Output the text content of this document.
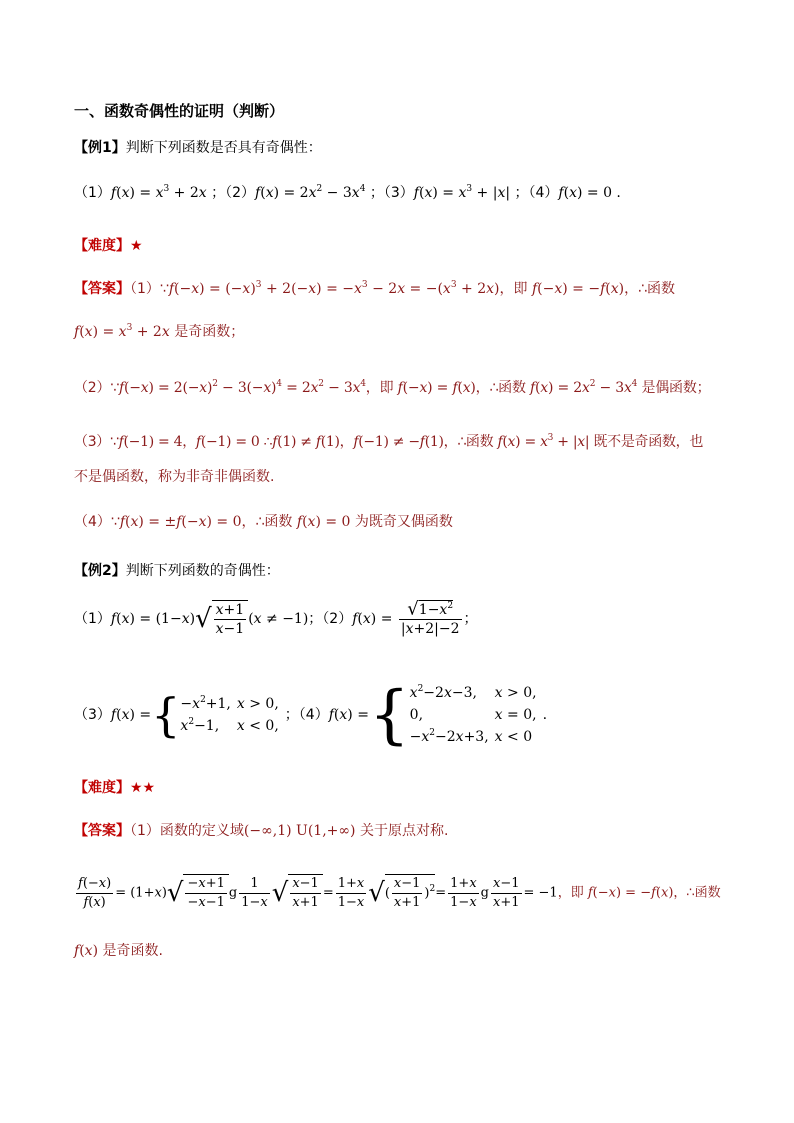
一、函数奇偶性的证明（判断）
【例1】判断下列函数是否具有奇偶性：
$(1)f(x) = x^3 + 2x$ ；$(2)f(x) = 2x^2 - 3x^4$ ；$(3)f(x) = x^3 + |x|$ ；（4）f(x) = 0 .
【难度】★
【答案】（1）∵f(−x) = $(-x)^3 + 2(-x) = -x^3 - 2x = -(x^3 + 2x)$，即 f(−x) = −f(x)，∴函数
$f(x) = x^3 + 2x$ 是奇函数；
（2）∵f(−x) = $2(-x)^2 - 3(-x)^4 = 2x^2 - 3x^4$，即 f(−x) = f(x)，∴函数 $f(x) = 2x^2 - 3x^4$ 是偶函数；
（3）∵f(−1) = 4，f(−1) = 0 ∴f(1) ≠ f(1)，f(−1) ≠ −f(1)，∴函数 $f(x) = x^3 + |x|$ 既不是奇函数，也
不是偶函数，称为非奇非偶函数.
（4）∵f(x) = ±f(−x) = 0，∴函数 f(x) = 0 为既奇又偶函数
【例2】判断下列函数的奇偶性：
$(1)f(x) = (1-x)√ \frac{x+1}{x-1} (x \ne -1)$；$(2)f(x) = \frac{√1-x^2}{|x+2|-2}$ ；
（3）f(x) ={ $-x^2+1$,	x > 0,
$x^2-1$,	x < 0,；（4）f(x) ={ $x^2-2x-3$,	x > 0,
0,	x = 0,
$-x^2-2x+3$,	x < 0.
【难度】★★
【答案】（1）函数的定义域(−∞,1) U(1,+∞) 关于原点对称.
$\frac{f(-x)}{f(x)} = (1+x)√ \frac{-x+1}{-x-1}$ g $\frac{1}{1-x}$ √ $\frac{x-1}{x+1} = \frac{1+x}{1-x}$ √( $\frac{x-1}{x+1} )^2= \frac{1+x}{1-x}$ g $\frac{x-1}{x+1} = -1$，即 f(−x) = −f(x)，∴函数
f(x) 是奇函数.
